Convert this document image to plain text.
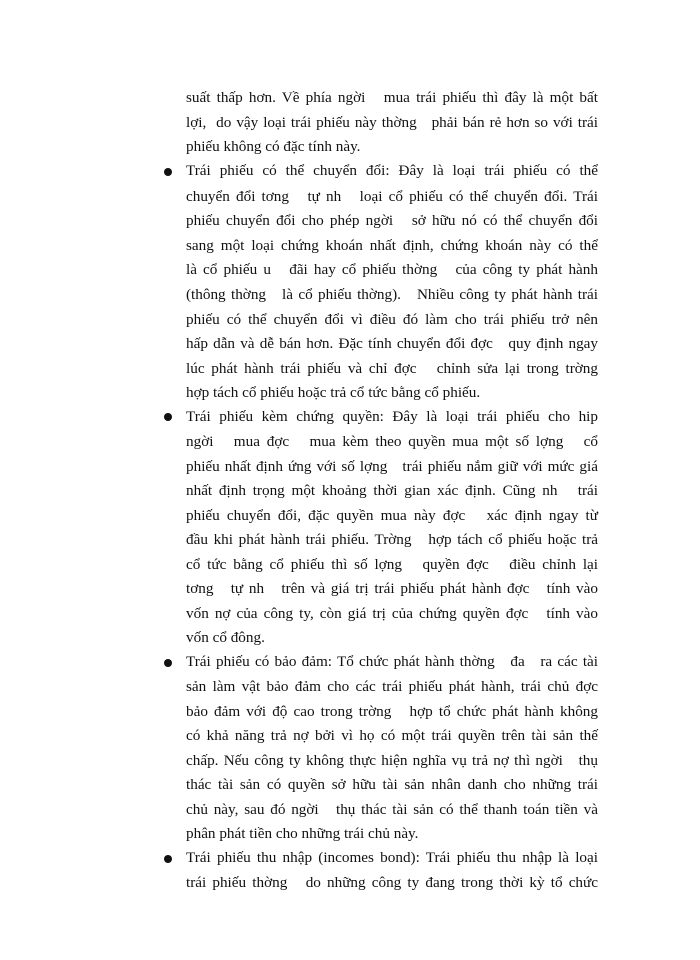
suất thấp hơn. Về phía ngời   mua trái phiếu thì đây là một bất
lợi,  do vậy loại trái phiếu này thờng   phải bán rẻ hơn so với trái
phiếu không có đặc tính này.
Trái phiếu có thể chuyển đổi: Đây là loại trái phiếu có thể
chuyển đổi tơng   tự nh   loại cổ phiếu có thể chuyển đổi. Trái
phiếu chuyển đổi cho phép ngời   sở hữu nó có thể chuyển đổi
sang một loại chứng khoán nhất định, chứng khoán này có thể
là cổ phiếu u   đãi hay cổ phiếu thờng   của công ty phát hành
(thông thờng   là cổ phiếu thờng).   Nhiều công ty phát hành trái
phiếu có thể chuyển đổi vì điều đó làm cho trái phiếu trở nên
hấp dẫn và dễ bán hơn. Đặc tính chuyển đổi đợc   quy định ngay
lúc phát hành trái phiếu và chỉ đợc   chỉnh sửa lại trong trờng
hợp tách cổ phiếu hoặc trả cổ tức bằng cổ phiếu.
Trái phiếu kèm chứng quyền: Đây là loại trái phiếu cho hip
ngời   mua đợc   mua kèm theo quyền mua một số lợng   cổ
phiếu nhất định ứng với số lợng   trái phiếu nắm giữ với mức giá
nhất định trọng một khoảng thời gian xác định. Cũng nh   trái
phiếu chuyển đổi, đặc quyền mua này đợc   xác định ngay từ
đầu khi phát hành trái phiếu. Trờng   hợp tách cổ phiếu hoặc trả
cổ tức bằng cổ phiếu thì số lợng   quyền đợc   điều chỉnh lại
tơng   tự nh   trên và giá trị trái phiếu phát hành đợc   tính vào
vốn nợ của công ty, còn giá trị của chứng quyền đợc   tính vào
vốn cổ đông.
Trái phiếu có bảo đảm: Tổ chức phát hành thờng   đa   ra các tài
sản làm vật bảo đảm cho các trái phiếu phát hành, trái chủ đợc
bảo đảm với độ cao trong trờng   hợp tổ chức phát hành không
có khả năng trả nợ bởi vì họ có một trái quyền trên tài sản thế
chấp. Nếu công ty không thực hiện nghĩa vụ trả nợ thì ngời   thụ
thác tài sản có quyền sở hữu tài sản nhân danh cho những trái
chủ này, sau đó ngời   thụ thác tài sản có thể thanh toán tiền và
phân phát tiền cho những trái chủ này.
Trái phiếu thu nhập (incomes bond): Trái phiếu thu nhập là loại
trái phiếu thờng   do những công ty đang trong thời kỳ tổ chức
